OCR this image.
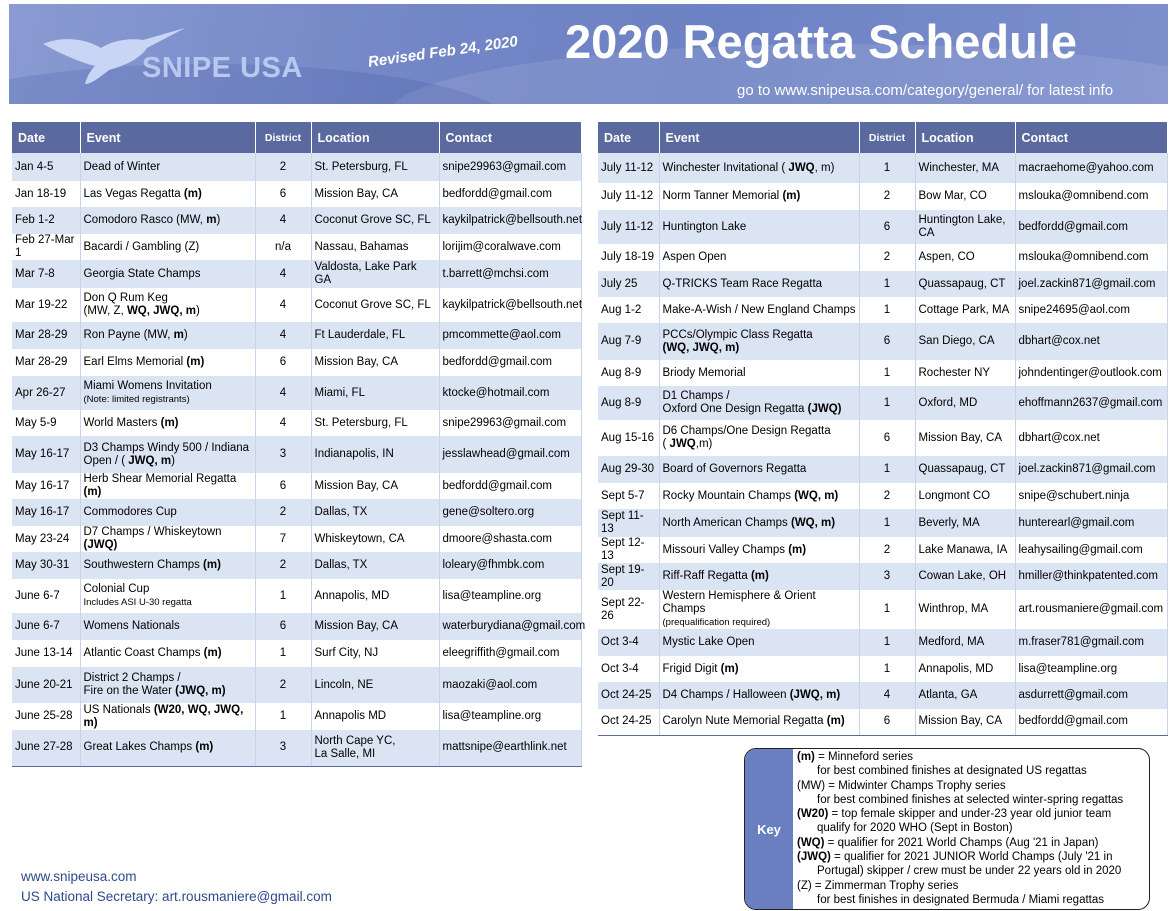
SNIPE USA	Revised Feb 24, 2020 2020 Regatta Schedule
go to www.snipeusa.com/category/general/ for latest info
Date	Event	District	Location	Contact
Jan 4-5	Dead of Winter	2	St. Petersburg, FL	snipe29963@gmail.com
Jan 18-19	Las Vegas Regatta (m)	6	Mission Bay, CA	bedfordd@gmail.com
Feb 1-2	Comodoro Rasco (MW, m)	4	Coconut Grove SC, FL	kaykilpatrick@bellsouth.net
Feb 27-Mar 1	Bacardi / Gambling (Z)	n/a	Nassau, Bahamas	lorijim@coralwave.com
Mar 7-8	Georgia State Champs	4	Valdosta, Lake Park GA	t.barrett@mchsi.com
Mar 19-22	Don Q Rum Keg
(MW, Z, WQ, JWQ, m)	4	Coconut Grove SC, FL	kaykilpatrick@bellsouth.net
Mar 28-29	Ron Payne (MW, m)	4	Ft Lauderdale, FL	pmcommette@aol.com
Mar 28-29	Earl Elms Memorial (m)	6	Mission Bay, CA	bedfordd@gmail.com
Apr 26-27	Miami Womens Invitation
(Note: limited registrants)	4	Miami, FL	ktocke@hotmail.com
May 5-9	World Masters (m)	4	St. Petersburg, FL	snipe29963@gmail.com
May 16-17	D3 Champs Windy 500 / Indiana
Open / ( JWQ, m)	3	Indianapolis, IN	jesslawhead@gmail.com
May 16-17	Herb Shear Memorial Regatta (m)	6	Mission Bay, CA	bedfordd@gmail.com
May 16-17	Commodores Cup	2	Dallas, TX	gene@soltero.org
May 23-24	D7 Champs / Whiskeytown (JWQ)	7	Whiskeytown, CA	dmoore@shasta.com
May 30-31	Southwestern Champs (m)	2	Dallas, TX	loleary@fhmbk.com
June 6-7	Colonial Cup
Includes ASI U-30 regatta	1	Annapolis, MD	lisa@teampline.org
June 6-7	Womens Nationals	6	Mission Bay, CA	waterburydiana@gmail.com
June 13-14	Atlantic Coast Champs (m)	1	Surf City, NJ	eleegriffith@gmail.com
June 20-21	District 2 Champs /
Fire on the Water (JWQ, m)	2	Lincoln, NE	maozaki@aol.com
June 25-28	US Nationals (W20, WQ, JWQ, m)	1	Annapolis MD	lisa@teampline.org
June 27-28	Great Lakes Champs (m)	3	North Cape YC,
La Salle, MI	mattsnipe@earthlink.net
Date	Event	District	Location	Contact
July 11-12	Winchester Invitational ( JWQ, m)	1	Winchester, MA	macraehome@yahoo.com
July 11-12	Norm Tanner Memorial (m)	2	Bow Mar, CO	mslouka@omnibend.com
July 11-12	Huntington Lake	6	Huntington Lake,
CA	bedfordd@gmail.com
July 18-19	Aspen Open	2	Aspen, CO	mslouka@omnibend.com
July 25	Q-TRICKS Team Race Regatta	1	Quassapaug, CT	joel.zackin871@gmail.com
Aug 1-2	Make-A-Wish / New England Champs	1	Cottage Park, MA	snipe24695@aol.com
Aug 7-9	PCCs/Olympic Class Regatta
(WQ, JWQ, m)	6	San Diego, CA	dbhart@cox.net
Aug 8-9	Briody Memorial	1	Rochester NY	johndentinger@outlook.com
Aug 8-9	D1 Champs /
Oxford One Design Regatta (JWQ)	1	Oxford, MD	ehoffmann2637@gmail.com
Aug 15-16	D6 Champs/One Design Regatta
( JWQ,m)	6	Mission Bay, CA	dbhart@cox.net
Aug 29-30	Board of Governors Regatta	1	Quassapaug, CT	joel.zackin871@gmail.com
Sept 5-7	Rocky Mountain Champs (WQ, m)	2	Longmont CO	snipe@schubert.ninja
Sept 11-13	North American Champs (WQ, m)	1	Beverly, MA	hunterearl@gmail.com
Sept 12-13	Missouri Valley Champs (m)	2	Lake Manawa, IA	leahysailing@gmail.com
Sept 19-20	Riff-Raff Regatta (m)	3	Cowan Lake, OH	hmiller@thinkpatented.com
Sept 22-26	Western Hemisphere & Orient Champs
(prequalification required)	1	Winthrop, MA	art.rousmaniere@gmail.com
Oct 3-4	Mystic Lake Open	1	Medford, MA	m.fraser781@gmail.com
Oct 3-4	Frigid Digit (m)	1	Annapolis, MD	lisa@teampline.org
Oct 24-25	D4 Champs / Halloween (JWQ, m)	4	Atlanta, GA	asdurrett@gmail.com
Oct 24-25	Carolyn Nute Memorial Regatta (m)	6	Mission Bay, CA	bedfordd@gmail.com
Key
(m) = Minneford series
for best combined finishes at designated US regattas
(MW) = Midwinter Champs Trophy series
for best combined finishes at selected winter-spring regattas
(W20) = top female skipper and under-23 year old junior team
qualify for 2020 WHO (Sept in Boston)
(WQ) = qualifier for 2021 World Champs (Aug '21 in Japan)
(JWQ) = qualifier for 2021 JUNIOR World Champs (July '21 in
Portugal) skipper / crew must be under 22 years old in 2020
(Z) = Zimmerman Trophy series
for best finishes in designated Bermuda / Miami regattas
www.snipeusa.com
US National Secretary: art.rousmaniere@gmail.com
